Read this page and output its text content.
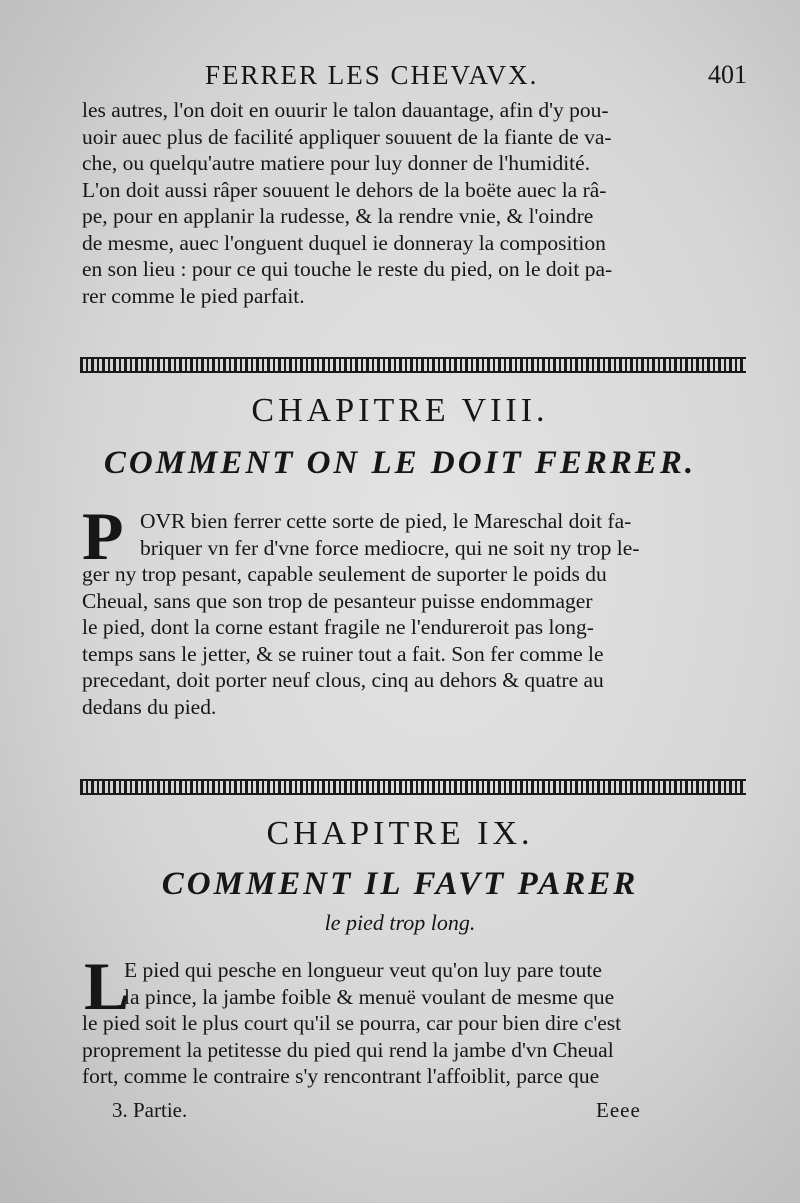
FERRER LES CHEVAVX.	401
les autres, l'on doit en ouurir le talon dauantage, afin d'y pou-
uoir auec plus de facilité appliquer souuent de la fiante de va-
che, ou quelqu'autre matiere pour luy donner de l'humidité.
L'on doit aussi râper souuent le dehors de la boëte auec la râ-
pe, pour en applanir la rudesse, & la rendre vnie, & l'oindre
de mesme, auec l'onguent duquel ie donneray la composition
en son lieu : pour ce qui touche le reste du pied, on le doit pa-
rer comme le pied parfait.
CHAPITRE VIII.
COMMENT ON LE DOIT FERRER.
P OVR bien ferrer cette sorte de pied, le Mareschal doit fa-
briquer vn fer d'vne force mediocre, qui ne soit ny trop le-
ger ny trop pesant, capable seulement de suporter le poids du
Cheual, sans que son trop de pesanteur puisse endommager
le pied, dont la corne estant fragile ne l'endureroit pas long-
temps sans le jetter, & se ruiner tout a fait. Son fer comme le
precedant, doit porter neuf clous, cinq au dehors & quatre au
dedans du pied.
CHAPITRE IX.
COMMENT IL FAVT PARER
le pied trop long.
L
E pied qui pesche en longueur veut qu'on luy pare toute
la pince, la jambe foible & menuë voulant de mesme que
le pied soit le plus court qu'il se pourra, car pour bien dire c'est
proprement la petitesse du pied qui rend la jambe d'vn Cheual
fort, comme le contraire s'y rencontrant l'affoiblit, parce que
3. Partie.	Eeee
